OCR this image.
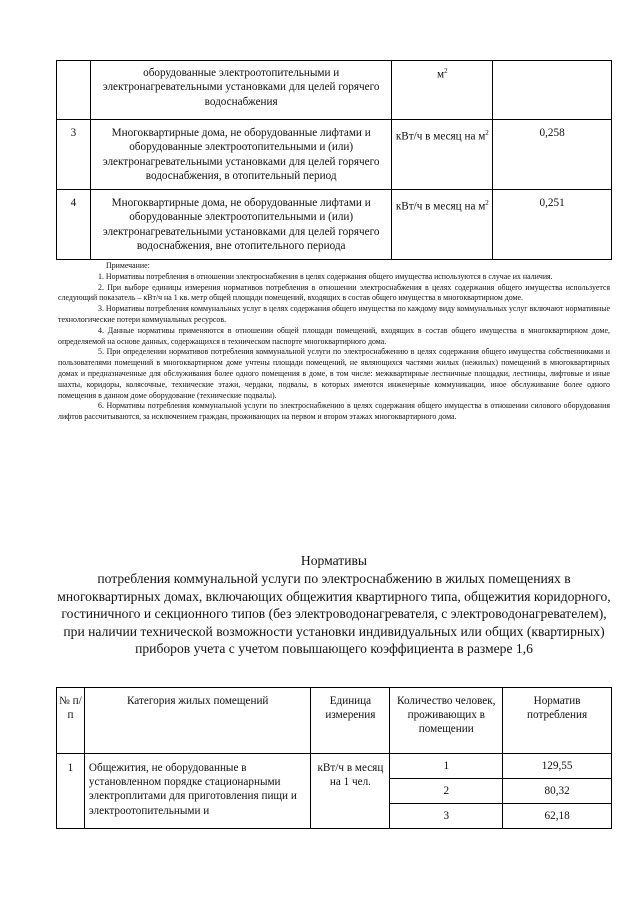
	оборудованные электроотопительными и электронагревательными установками для целей горячего водоснабжения	$м^2$	
3	Многоквартирные дома, не оборудованные лифтами и оборудованные электроотопительными и (или) электронагревательными установками для целей горячего водоснабжения, в отопительный период	кВт/ч в месяц на $м^2$	0,258
4	Многоквартирные дома, не оборудованные лифтами и оборудованные электроотопительными и (или) электронагревательными установками для целей горячего водоснабжения, вне отопительного периода	кВт/ч в месяц на $м^2$	0,251
Примечание:

1. Нормативы потребления в отношении электроснабжения в целях содержания общего имущества используются в случае их наличия.

2. При выборе единицы измерения нормативов потребления в отношении электроснабжения в целях содержания общего имущества используется следующий показатель – кВт/ч на 1 кв. метр общей площади помещений, входящих в состав общего имущества в многоквартирном доме.

3. Нормативы потребления коммунальных услуг в целях содержания общего имущества по каждому виду коммунальных услуг включают нормативные технологические потери коммунальных ресурсов.

4. Данные нормативы применяются в отношении общей площади помещений, входящих в состав общего имущества в многоквартирном доме, определяемой на основе данных, содержащихся в техническом паспорте многоквартирного дома.

5. При определении нормативов потребления коммунальной услуги по электроснабжению в целях содержания общего имущества собственниками и пользователями помещений в многоквартирном доме учтены площади помещений, не являющихся частями жилых (нежилых) помещений в многоквартирных домах и предназначенные для обслуживания более одного помещения в доме, в том числе: межквартирные лестничные площадки, лестницы, лифтовые и иные шахты, коридоры, колясочные, технические этажи, чердаки, подвалы, в которых имеются инженерные коммуникации, иное обслуживание более одного помещения в данном доме оборудование (технические подвалы).

6. Нормативы потребления коммунальной услуги по электроснабжению в целях содержания общего имущества в отношении силового оборудования лифтов рассчитываются, за исключением граждан, проживающих на первом и втором этажах многоквартирного дома.

Нормативы
потребления коммунальной услуги по электроснабжению в жилых помещениях в многоквартирных домах, включающих общежития квартирного типа, общежития коридорного, гостиничного и секционного типов (без электроводонагревателя, с электроводонагревателем), при наличии технической возможности установки индивидуальных или общих (квартирных) приборов учета с учетом повышающего коэффициента в размере 1,6
№ п/п	Категория жилых помещений	Единица измерения	Количество человек, проживающих в помещении	Норматив потребления
1	Общежития, не оборудованные в установленном порядке стационарными электроплитами для приготовления пищи и электроотопительными и	кВт/ч в месяц на 1 чел.	1	129,55
			2	80,32
			3	62,18
